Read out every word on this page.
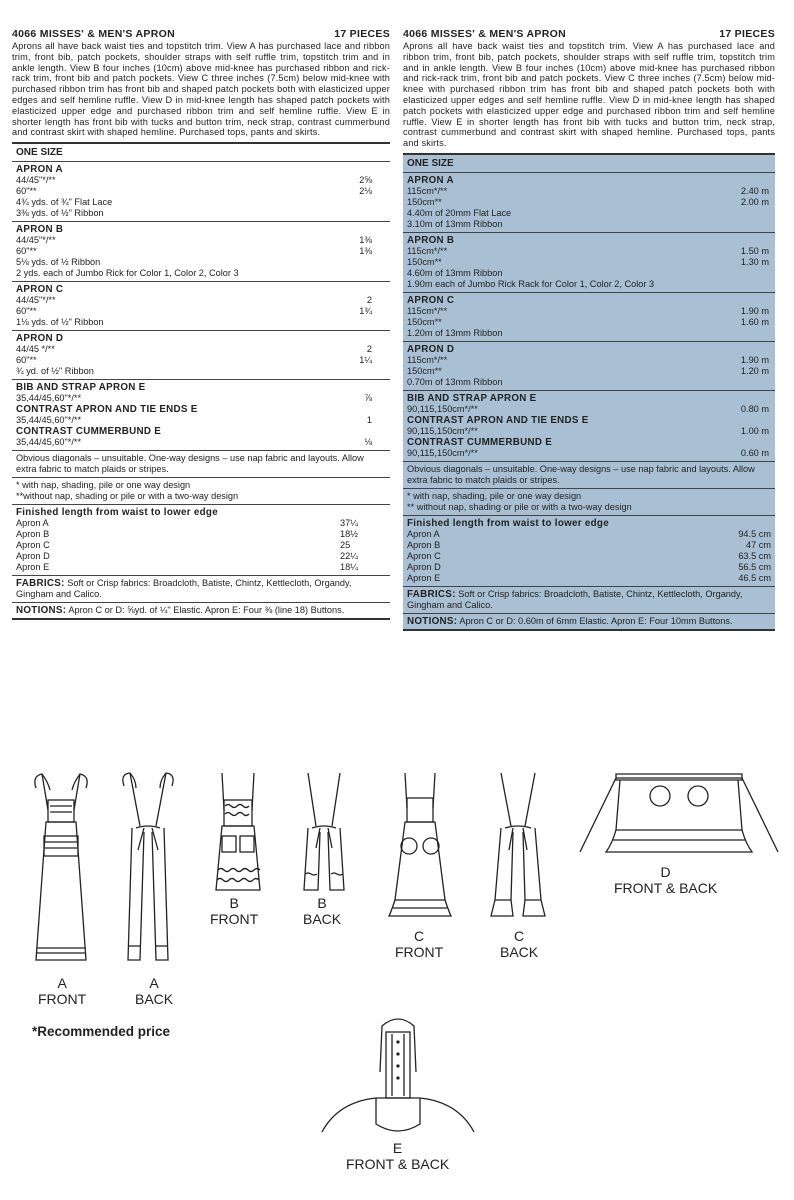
4066 MISSES' & MEN'S APRON	17 PIECES
Aprons all have back waist ties and topstitch trim. View A has purchased lace and ribbon trim, front bib, patch pockets, shoulder straps with self ruffle trim, topstitch trim and in ankle length. View B four inches (10cm) above mid-knee has purchased ribbon and rick-rack trim, front bib and patch pockets. View C three inches (7.5cm) below mid-knee with purchased ribbon trim has front bib and shaped patch pockets both with elasticized upper edges and self hemline ruffle. View D in mid-knee length has shaped patch pockets with elasticized upper edge and purchased ribbon trim and self hemline ruffle. View E in shorter length has front bib with tucks and button trim, neck strap, contrast cummerbund and contrast skirt with shaped hemline. Purchased tops, pants and skirts.
ONE SIZE
APRON A
44/45"*/**	2⅝
60"**	2⅛
4¾ yds. of ¾" Flat Lace
3⅜ yds. of ½" Ribbon
APRON B
44/45"*/**	1⅜
60"**	1⅜
5⅛ yds. of ½ Ribbon
2 yds. each of Jumbo Rick for Color 1, Color 2, Color 3
APRON C
44/45"*/**	2
60"**	1¾
1⅛ yds. of ½" Ribbon
APRON D
44/45 */**	2
60"**	1¼
¾ yd. of ½" Ribbon
BIB AND STRAP APRON E
35,44/45,60"*/**	⅞
CONTRAST APRON AND TIE ENDS E
35,44/45,60"*/**	1
CONTRAST CUMMERBUND E
35,44/45,60"*/**	⅛
Obvious diagonals – unsuitable. One-way designs – use nap fabric and layouts. Allow extra fabric to match plaids or stripes.
* with nap, shading, pile or one way design
**without nap, shading or pile or with a two-way design
Finished length from waist to lower edge
Apron A	37¼
Apron B	18½
Apron C	25
Apron D	22¼
Apron E	18¼
FABRICS: Soft or Crisp fabrics: Broadcloth, Batiste, Chintz, Kettlecloth, Organdy, Gingham and Calico.
NOTIONS: Apron C or D: ⅝yd. of ¼" Elastic. Apron E: Four ⅜ (line 18) Buttons.
4066 MISSES' & MEN'S APRON	17 PIECES
Aprons all have back waist ties and topstitch trim. View A has purchased lace and ribbon trim, front bib, patch pockets, shoulder straps with self ruffle trim, topstitch trim and in ankle length. View B four inches (10cm) above mid-knee has purchased ribbon and rick-rack trim, front bib and patch pockets. View C three inches (7.5cm) below mid-knee with purchased ribbon trim has front bib and shaped patch pockets both with elasticized upper edges and self hemline ruffle. View D in mid-knee length has shaped patch pockets with elasticized upper edge and purchased ribbon trim and self hemline ruffle. View E in shorter length has front bib with tucks and button trim, neck strap, contrast cummerbund and contrast skirt with shaped hemline. Purchased tops, pants and skirts.
ONE SIZE
APRON A
115cm*/**	2.40 m
150cm**	2.00 m
4.40m of 20mm Flat Lace
3.10m of 13mm Ribbon
APRON B
115cm*/**	1.50 m
150cm**	1.30 m
4.60m of 13mm Ribbon
1.90m each of Jumbo Rick Rack for Color 1, Color 2, Color 3
APRON C
115cm*/**	1.90 m
150cm**	1.60 m
1.20m of 13mm Ribbon
APRON D
115cm*/**	1.90 m
150cm**	1.20 m
0.70m of 13mm Ribbon
BIB AND STRAP APRON E
90,115,150cm*/**	0.80 m
CONTRAST APRON AND TIE ENDS E
90,115,150cm*/**	1.00 m
CONTRAST CUMMERBUND E
90,115,150cm*/**	0.60 m
Obvious diagonals – unsuitable. One-way designs – use nap fabric and layouts. Allow extra fabric to match plaids or stripes.
* with nap, shading, pile or one way design
** without nap, shading or pile or with a two-way design
Finished length from waist to lower edge
Apron A	94.5 cm
Apron B	47 cm
Apron C	63.5 cm
Apron D	56.5 cm
Apron E	46.5 cm
FABRICS: Soft or Crisp fabrics: Broadcloth, Batiste, Chintz, Kettlecloth, Organdy, Gingham and Calico.
NOTIONS: Apron C or D: 0.60m of 6mm Elastic. Apron E: Four 10mm Buttons.
A
FRONT
A
BACK
B
FRONT
B
BACK
C
FRONT
C
BACK
D
FRONT & BACK
E
FRONT & BACK
*Recommended price
